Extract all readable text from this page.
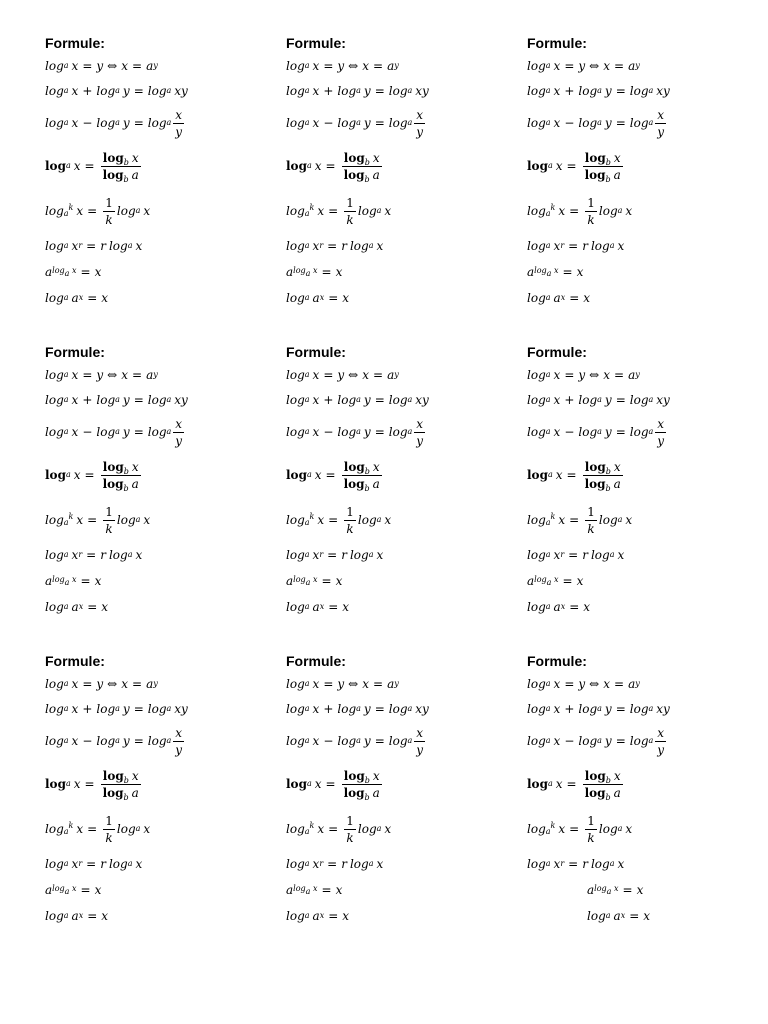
Formule:
log a x = y ⇔ x = a y
log a x + log a y = log a xy
log a x − log a y = log a $\frac{x}{y}$
log a $x = \frac{\log_b x}{\log_b a}$
$\log a^k$ $x = \frac{1}{k}$ log a x
log a x r = r log a x
a $\log_a x = x$
log a a x = x
Formule:
log a x = y ⇔ x = a y
log a x + log a y = log a xy
log a x − log a y = log a $\frac{x}{y}$
log a $x = \frac{\log_b x}{\log_b a}$
$\log a^k$ $x = \frac{1}{k}$ log a x
log a x r = r log a x
a $\log_a x = x$
log a a x = x
Formule:
log a x = y ⇔ x = a y
log a x + log a y = log a xy
log a x − log a y = log a $\frac{x}{y}$
log a $x = \frac{\log_b x}{\log_b a}$
$\log a^k$ $x = \frac{1}{k}$ log a x
log a x r = r log a x
a $\log_a x = x$
log a a x = x
Formule:
log a x = y ⇔ x = a y
log a x + log a y = log a xy
log a x − log a y = log a $\frac{x}{y}$
log a $x = \frac{\log_b x}{\log_b a}$
$\log a^k$ $x = \frac{1}{k}$ log a x
log a x r = r log a x
a $\log_a x = x$
log a a x = x
Formule:
log a x = y ⇔ x = a y
log a x + log a y = log a xy
log a x − log a y = log a $\frac{x}{y}$
log a $x = \frac{\log_b x}{\log_b a}$
$\log a^k$ $x = \frac{1}{k}$ log a x
log a x r = r log a x
a $\log_a x = x$
log a a x = x
Formule:
log a x = y ⇔ x = a y
log a x + log a y = log a xy
log a x − log a y = log a $\frac{x}{y}$
log a $x = \frac{\log_b x}{\log_b a}$
$\log a^k$ $x = \frac{1}{k}$ log a x
log a x r = r log a x
a $\log_a x = x$
log a a x = x
Formule:
log a x = y ⇔ x = a y
log a x + log a y = log a xy
log a x − log a y = log a $\frac{x}{y}$
log a $x = \frac{\log_b x}{\log_b a}$
$\log a^k$ $x = \frac{1}{k}$ log a x
log a x r = r log a x
a $\log_a x = x$
log a a x = x
Formule:
log a x = y ⇔ x = a y
log a x + log a y = log a xy
log a x − log a y = log a $\frac{x}{y}$
log a $x = \frac{\log_b x}{\log_b a}$
$\log a^k$ $x = \frac{1}{k}$ log a x
log a x r = r log a x
a $\log_a x = x$
log a a x = x
Formule:
log a x = y ⇔ x = a y
log a x + log a y = log a xy
log a x − log a y = log a $\frac{x}{y}$
log a $x = \frac{\log_b x}{\log_b a}$
$\log a^k$ $x = \frac{1}{k}$ log a x
log a x r = r log a x
a $\log_a x = x$
log a a x = x
